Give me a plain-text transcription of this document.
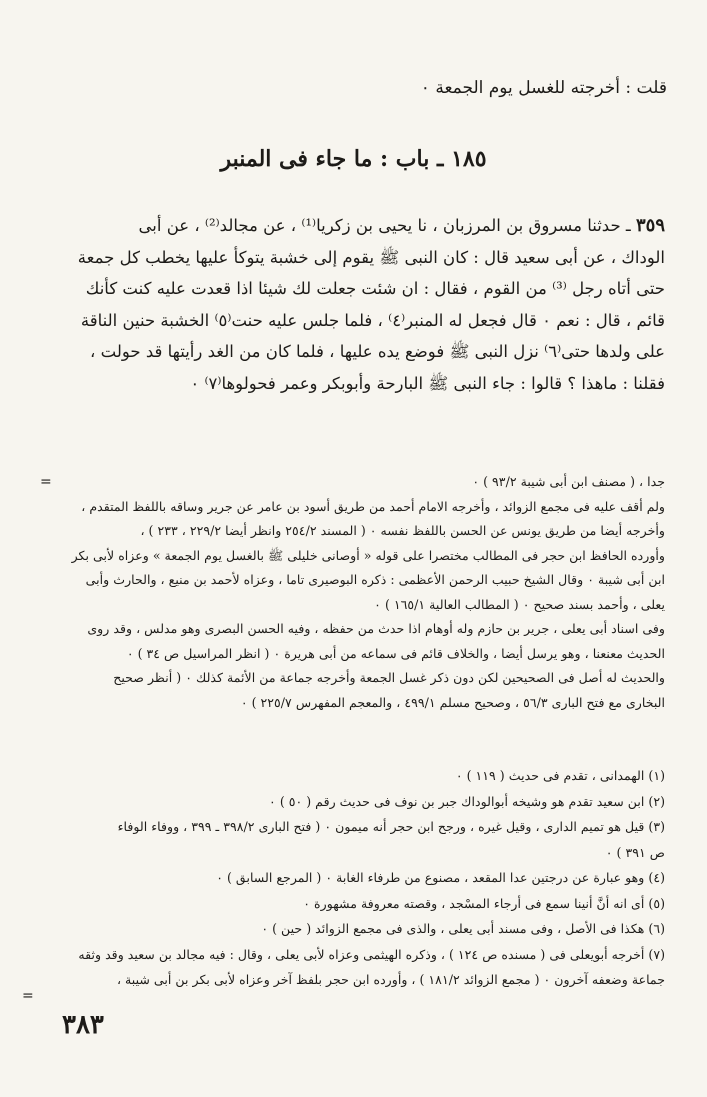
قلت : أخرجته للغسل يوم الجمعة ٠
١٨٥ ـ باب : ما جاء فى المنبر

٣٥٩ ـ حدثنا مسروق بن المرزبان ، نا يحيى بن زكريا⁽¹⁾ ، عن مجالد⁽²⁾ ، عن أبى

الوداك ، عن أبى سعيد قال : كان النبى ﷺ يقوم إلى خشبة يتوكأ عليها يخطب كل جمعة

حتى أتاه رجل ⁽³⁾ من القوم ، فقال : ان شئت جعلت لك شيئا اذا قعدت عليه كنت كأنك

قائم ، قال : نعم ٠ قال فجعل له المنبر⁽٤⁾ ، فلما جلس عليه حنت⁽٥⁾ الخشبة حنين الناقة

على ولدها حتى⁽٦⁾ نزل النبى ﷺ فوضع يده عليها ، فلما كان من الغد رأيتها قد حولت ،

فقلنا : ماهذا ؟ قالوا : جاء النبى ﷺ البارحة وأبوبكر وعمر فحولوها⁽٧⁾ ٠

=	جدا ، ( مصنف ابن أبى شيبة ٩٣/٢ ) ٠

ولم أقف عليه فى مجمع الزوائد ، وأخرجه الامام أحمد من طريق أسود بن عامر عن جرير وساقه باللفظ المتقدم ،

وأخرجه أيضا من طريق يونس عن الحسن باللفظ نفسه ٠ ( المسند ٢٥٤/٢ وانظر أيضا ٢٢٩/٢ ، ٢٣٣ ) ،

وأورده الحافظ ابن حجر فى المطالب مختصرا على قوله « أوصانى خليلى ﷺ بالغسل يوم الجمعة » وعزاه لأبى بكر

ابن أبى شيبة ٠ وقال الشيخ حبيب الرحمن الأعظمى : ذكره البوصيرى تاما ، وعزاه لأحمد بن منيع ، والحارث وأبى

يعلى ، وأحمد بسند صحيح ٠ ( المطالب العالية ١٦٥/١ ) ٠

وفى اسناد أبى يعلى ، جرير بن حازم وله أوهام اذا حدث من حفظه ، وفيه الحسن البصرى وهو مدلس ، وقد روى

الحديث معنعنا ، وهو يرسل أيضا ، والخلاف قائم فى سماعه من أبى هريرة ٠ ( انظر المراسيل ص ٣٤ ) ٠

والحديث له أصل فى الصحيحين لكن دون ذكر غسل الجمعة وأخرجه جماعة من الأئمة كذلك ٠ ( أنظر صحيح

البخارى مع فتح البارى ٥٦/٣ ، وصحيح مسلم ٤٩٩/١ ، والمعجم المفهرس ٢٢٥/٧ ) ٠

(١) الهمدانى ، تقدم فى حديث ( ١١٩ ) ٠

(٢) ابن سعيد تقدم هو وشيخه أبوالوداك جبر بن نوف فى حديث رقم ( ٥٠ ) ٠

(٣) قيل هو تميم الدارى ، وقيل غيره ، ورجح ابن حجر أنه ميمون ٠ ( فتح البارى ٣٩٨/٢ ـ ٣٩٩ ، ووفاء الوفاء

ص ٣٩١ ) ٠

(٤) وهو عبارة عن درجتين عدا المقعد ، مصنوع من طرفاء الغابة ٠ ( المرجع السابق ) ٠

(٥) أى انه أنَّ أنينا سمع فى أرجاء المسْجد ، وقصته معروفة مشهورة ٠

(٦) هكذا فى الأصل ، وفى مسند أبى يعلى ، والذى فى مجمع الزوائد ( حين ) ٠

(٧) أخرجه أبويعلى فى ( مسنده ص ١٢٤ ) ، وذكره الهيثمى وعزاه لأبى يعلى ، وقال : فيه مجالد بن سعيد وقد وثقه

جماعة وضعفه آخرون ٠ ( مجمع الزوائد ١٨١/٢ ) ، وأورده ابن حجر بلفظ آخر وعزاه لأبى بكر بن أبى شيبة ،

=
٣٨٣
